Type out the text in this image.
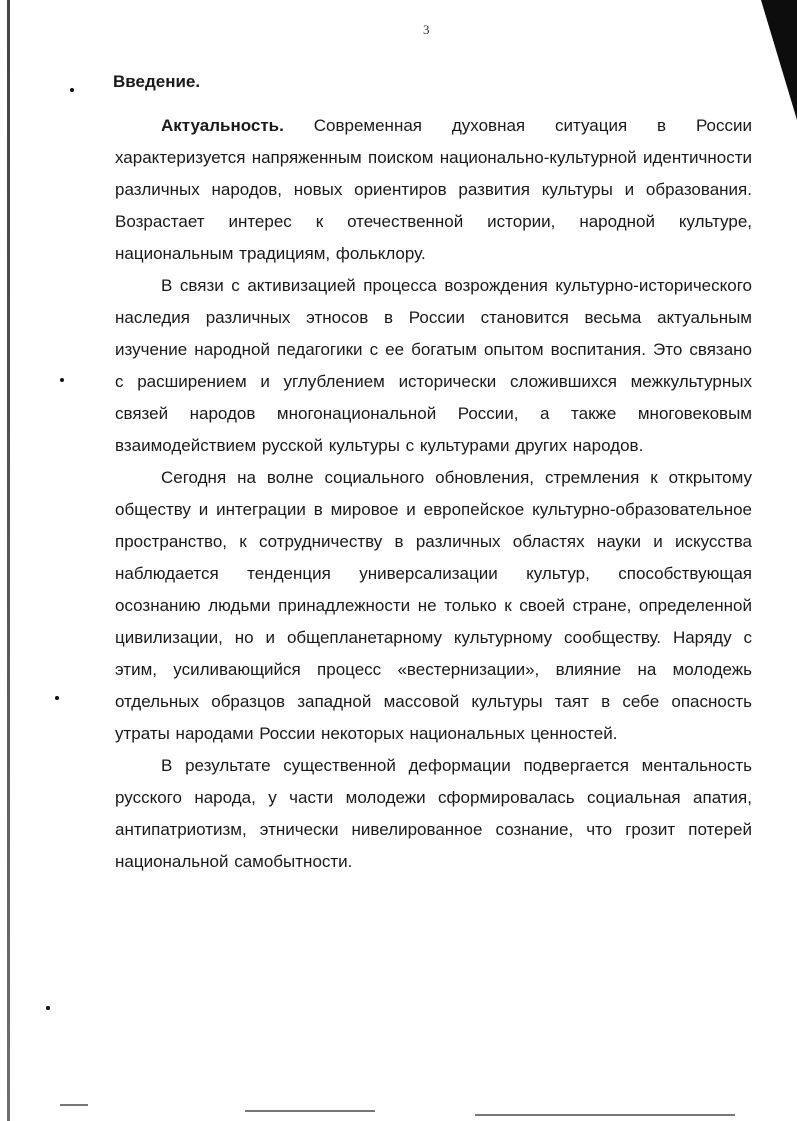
3
Введение.

Актуальность. Современная духовная ситуация в России характеризуется напряженным поиском национально-культурной идентичности различных народов, новых ориентиров развития культуры и образования. Возрастает интерес к отечественной истории, народной культуре, национальным традициям, фольклору.

В связи с активизацией процесса возрождения культурно-исторического наследия различных этносов в России становится весьма актуальным изучение народной педагогики с ее богатым опытом воспитания. Это связано с расширением и углублением исторически сложившихся межкультурных связей народов многонациональной России, а также многовековым взаимодействием русской культуры с культурами других народов.

Сегодня на волне социального обновления, стремления к открытому обществу и интеграции в мировое и европейское культурно-образовательное пространство, к сотрудничеству в различных областях науки и искусства наблюдается тенденция универсализации культур, способствующая осознанию людьми принадлежности не только к своей стране, определенной цивилизации, но и общепланетарному культурному сообществу. Наряду с этим, усиливающийся процесс «вестернизации», влияние на молодежь отдельных образцов западной массовой культуры таят в себе опасность утраты народами России некоторых национальных ценностей.

В результате существенной деформации подвергается ментальность русского народа, у части молодежи сформировалась социальная апатия, антипатриотизм, этнически нивелированное сознание, что грозит потерей национальной самобытности.
